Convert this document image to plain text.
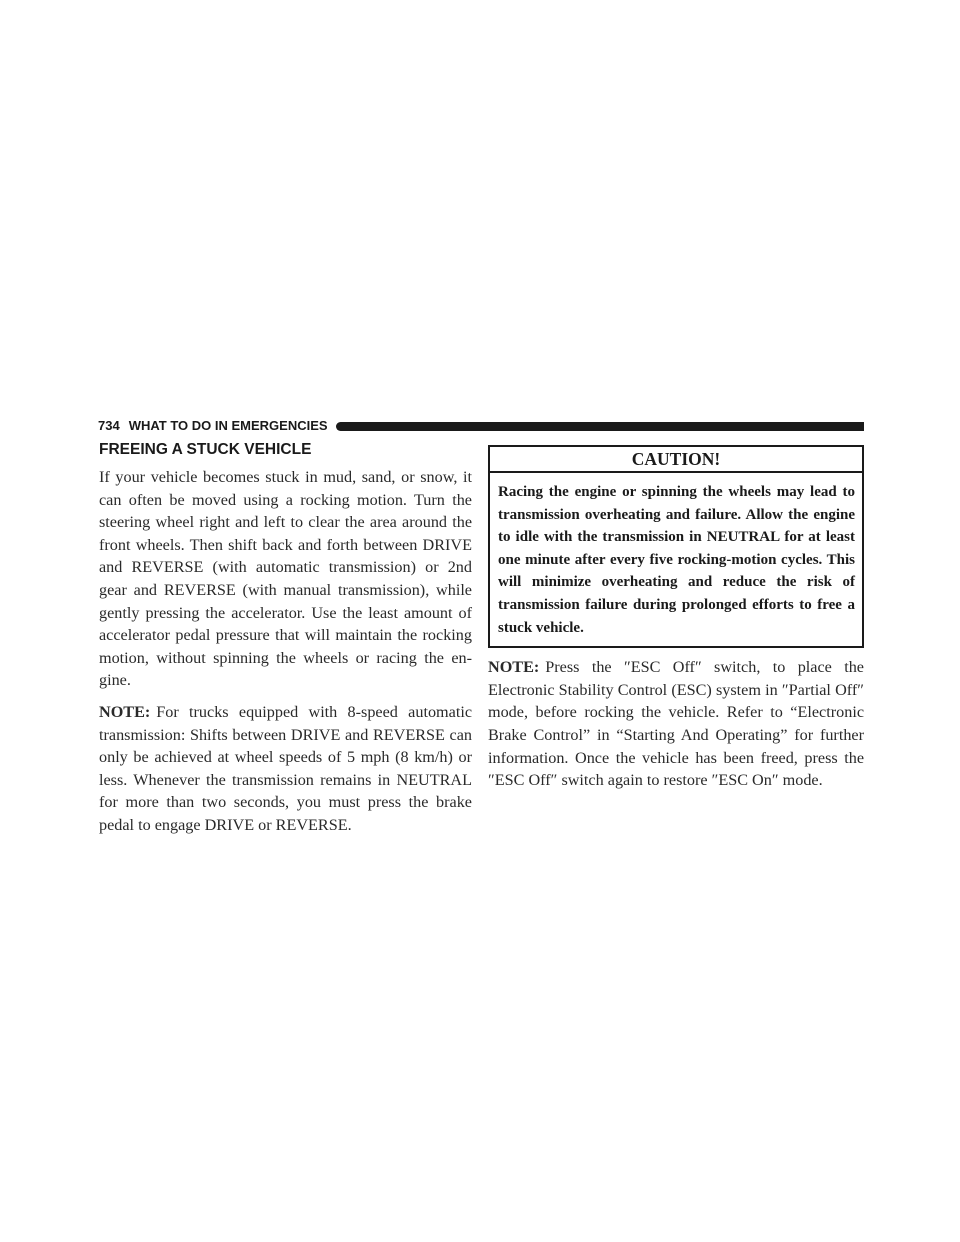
734 WHAT TO DO IN EMERGENCIES
FREEING A STUCK VEHICLE

If your vehicle becomes stuck in mud, sand, or snow, it can often be moved using a rocking motion. Turn the steering wheel right and left to clear the area around the front wheels. Then shift back and forth between DRIVE and REVERSE (with automatic transmission) or 2nd gear and REVERSE (with manual transmission), while gently pressing the accelerator. Use the least amount of accelerator pedal pressure that will maintain the rocking motion, without spinning the wheels or racing the engine.

NOTE: For trucks equipped with 8-speed automatic transmission: Shifts between DRIVE and REVERSE can only be achieved at wheel speeds of 5 mph (8 km/h) or less. Whenever the transmission remains in NEUTRAL for more than two seconds, you must press the brake pedal to engage DRIVE or REVERSE.

CAUTION!

Racing the engine or spinning the wheels may lead to transmission overheating and failure. Allow the engine to idle with the transmission in NEUTRAL for at least one minute after every five rocking-motion cycles. This will minimize overheating and reduce the risk of transmission failure during prolonged efforts to free a stuck vehicle.

NOTE: Press the ″ESC Off″ switch, to place the Electronic Stability Control (ESC) system in ″Partial Off″ mode, before rocking the vehicle. Refer to “Electronic Brake Control” in “Starting And Operating” for further information. Once the vehicle has been freed, press the ″ESC Off″ switch again to restore ″ESC On″ mode.
